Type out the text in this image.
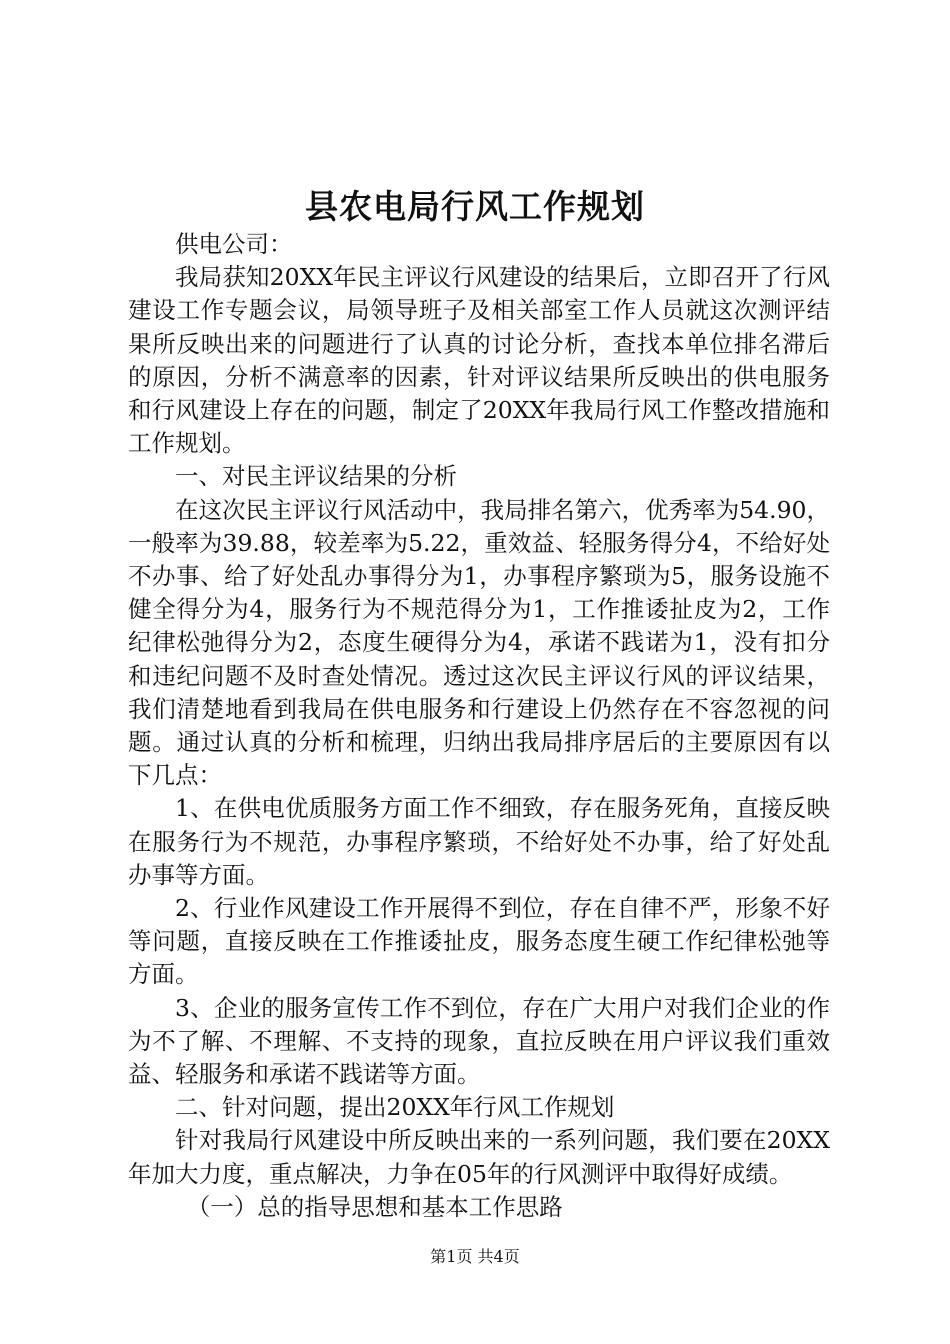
县农电局行风工作规划

供电公司：

我局获知20XX年民主评议行风建设的结果后，立即召开了行风建设工作专题会议，局领导班子及相关部室工作人员就这次测评结果所反映出来的问题进行了认真的讨论分析，查找本单位排名滞后的原因，分析不满意率的因素，针对评议结果所反映出的供电服务和行风建设上存在的问题，制定了20XX年我局行风工作整改措施和工作规划。

一、对民主评议结果的分析

在这次民主评议行风活动中，我局排名第六，优秀率为54.90，一般率为39.88，较差率为5.22，重效益、轻服务得分4，不给好处不办事、给了好处乱办事得分为1，办事程序繁琐为5，服务设施不健全得分为4，服务行为不规范得分为1，工作推诿扯皮为2，工作纪律松弛得分为2，态度生硬得分为4，承诺不践诺为1，没有扣分和违纪问题不及时查处情况。透过这次民主评议行风的评议结果，我们清楚地看到我局在供电服务和行建设上仍然存在不容忽视的问题。通过认真的分析和梳理，归纳出我局排序居后的主要原因有以下几点：

1、在供电优质服务方面工作不细致，存在服务死角，直接反映在服务行为不规范，办事程序繁琐，不给好处不办事，给了好处乱办事等方面。

2、行业作风建设工作开展得不到位，存在自律不严，形象不好等问题，直接反映在工作推诿扯皮，服务态度生硬工作纪律松弛等方面。

3、企业的服务宣传工作不到位，存在广大用户对我们企业的作为不了解、不理解、不支持的现象，直拉反映在用户评议我们重效益、轻服务和承诺不践诺等方面。

二、针对问题，提出20XX年行风工作规划

针对我局行风建设中所反映出来的一系列问题，我们要在20XX年加大力度，重点解决，力争在05年的行风测评中取得好成绩。

（一）总的指导思想和基本工作思路

第1页 共4页
